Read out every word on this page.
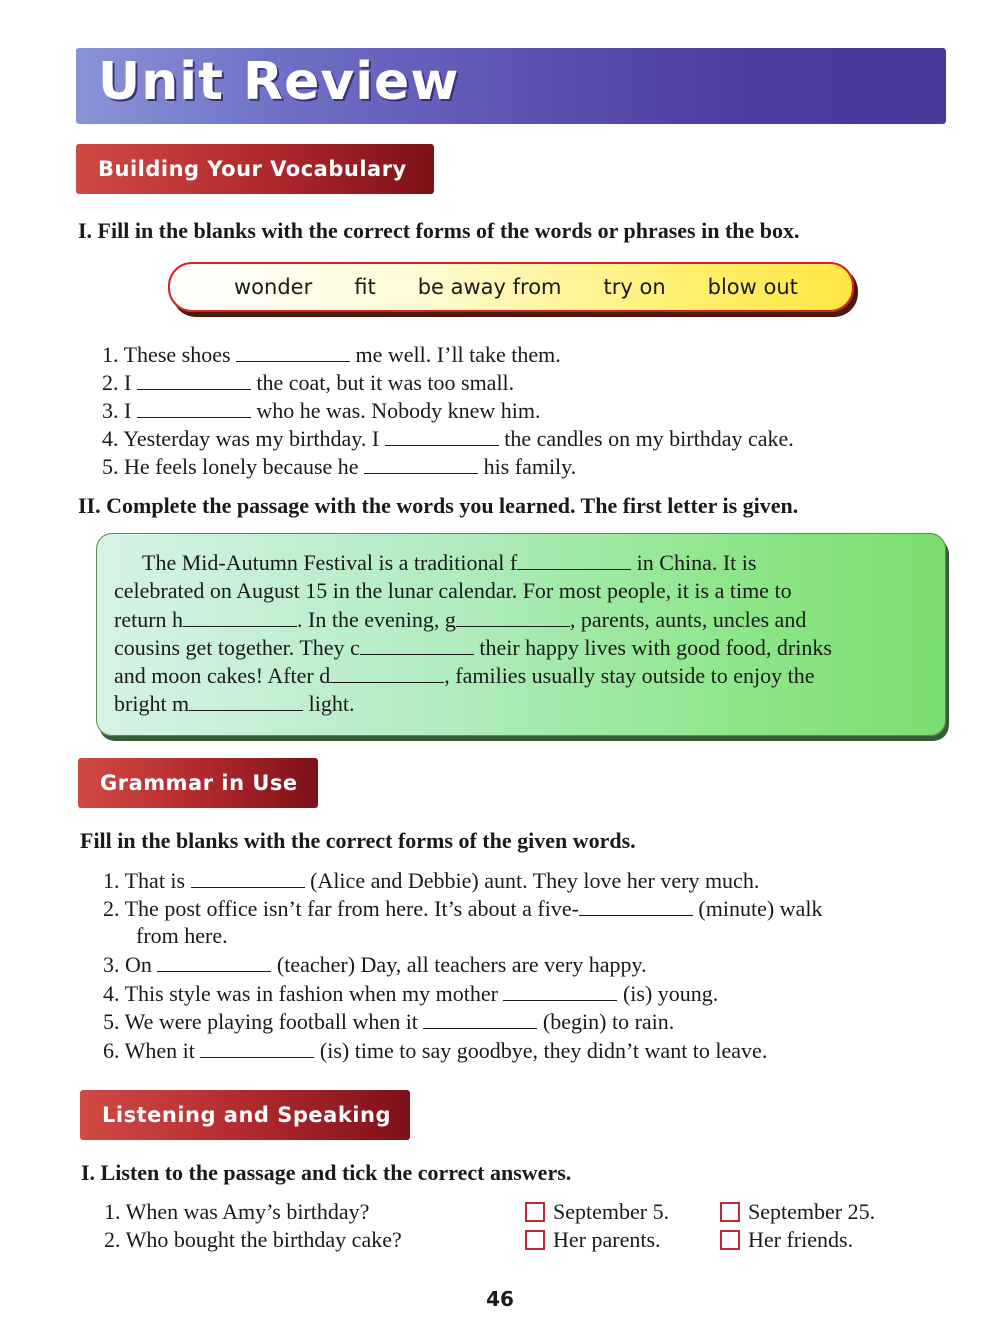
Unit Review
Building Your Vocabulary
I. Fill in the blanks with the correct forms of the words or phrases in the box.
wonder fit be away from try on blow out
1. These shoes	me well. I’ll take them.
2. I	the coat, but it was too small.
3. I	who he was. Nobody knew him.
4. Yesterday was my birthday. I	the candles on my birthday cake.
5. He feels lonely because he	his family.
II. Complete the passage with the words you learned. The first letter is given.
The Mid-Autumn Festival is a traditional f	in China. It is
celebrated on August 15 in the lunar calendar. For most people, it is a time to
return h	. In the evening, g	, parents, aunts, uncles and
cousins get together. They c	their happy lives with good food, drinks
and moon cakes! After d	, families usually stay outside to enjoy the
bright m	light.
Grammar in Use
Fill in the blanks with the correct forms of the given words.
1. That is	(Alice and Debbie) aunt. They love her very much.
2. The post office isn’t far from here. It’s about a five-	(minute) walk
from here.
3. On	(teacher) Day, all teachers are very happy.
4. This style was in fashion when my mother	(is) young.
5. We were playing football when it	(begin) to rain.
6. When it	(is) time to say goodbye, they didn’t want to leave.
Listening and Speaking
I. Listen to the passage and tick the correct answers.
1. When was Amy’s birthday?	September 5.	September 25.
2. Who bought the birthday cake?	Her parents.	Her friends.
46
